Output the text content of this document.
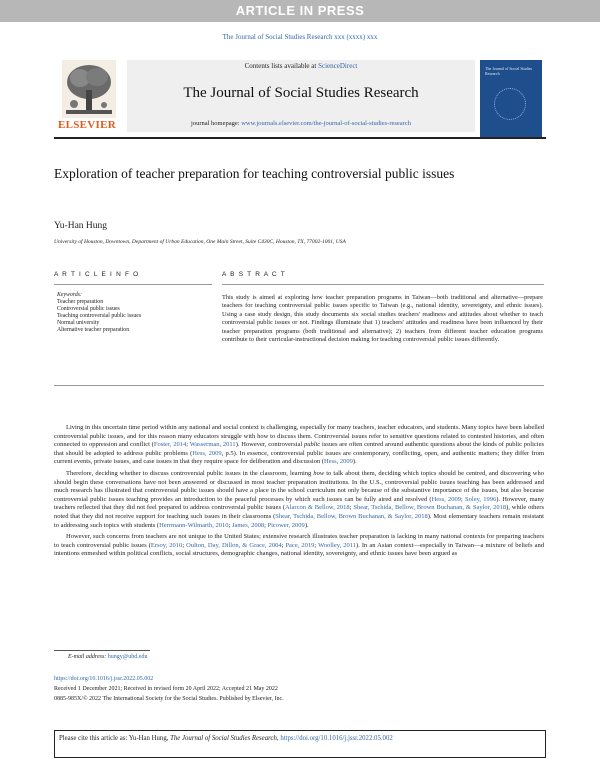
ARTICLE IN PRESS
The Journal of Social Studies Research xxx (xxxx) xxx
ELSEVIER
Contents lists available at ScienceDirect
The Journal of Social Studies Research
journal homepage: www.journals.elsevier.com/the-journal-of-social-studies-research
The Journal of Social Studies Research
Exploration of teacher preparation for teaching controversial public issues
Yu-Han Hung
University of Houston, Downtown, Department of Urban Education, One Main Street, Suite C430C, Houston, TX, 77002-1001, USA
A R T I C L E I N F O	A B S T R A C T
Keywords:
Teacher preparation
Controversial public issues
Teaching controversial public issues
Normal university
Alternative teacher preparation
This study is aimed at exploring how teacher preparation programs in Taiwan—both traditional and alternative—prepare teachers for teaching controversial public issues specific to Taiwan (e.g., national identity, sovereignty, and ethnic issues). Using a case study design, this study documents six social studies teachers' readiness and attitudes about whether to teach controversial public issues or not. Findings illuminate that 1) teachers' attitudes and readiness have been influenced by their teacher preparation programs (both traditional and alternative); 2) teachers from different teacher education programs contribute to their curricular-instructional decision making for teaching controversial public issues differently.

Living in this uncertain time period within any national and social context is challenging, especially for many teachers, teacher educators, and students. Many topics have been labelled controversial public issues, and for this reason many educators struggle with how to discuss them. Controversial issues refer to sensitive questions related to contested histories, and often connected to oppression and conflict (Foster, 2014; Wasserman, 2011). However, controversial public issues are often centred around authentic questions about the kinds of public policies that should be adopted to address public problems (Hess, 2009, p.5). In essence, controversial public issues are contemporary, conflicting, open, and authentic matters; they differ from current events, private issues, and case issues in that they require space for deliberation and discussion (Hess, 2009).

Therefore, deciding whether to discuss controversial public issues in the classroom, learning how to talk about them, deciding which topics should be centred, and discovering who should begin these conversations have not been answered or discussed in most teacher preparation institutions. In the U.S., controversial public issues teaching has been addressed and much research has illustrated that controversial public issues should have a place in the school curriculum not only because of the substantive importance of the issues, but also because controversial public issues teaching provides an introduction to the peaceful processes by which such issues can be fully aired and resolved (Hess, 2009; Soley, 1996). However, many teachers reflected that they did not feel prepared to address controversial public issues (Alarcon & Bellow, 2018; Shear, Tschida, Bellow, Brown Buchanan, & Saylor, 2018), while others noted that they did not receive support for teaching such issues in their classrooms (Shear, Tschida, Bellow, Brown Buchanan, & Saylor, 2018). Most elementary teachers remain resistant to addressing such topics with students (Herrmann-Wilmarth, 2010; James, 2008; Picower, 2009).

However, such concerns from teachers are not unique to the United States; extensive research illustrates teacher preparation is lacking in many national contexts for preparing teachers to teach controversial public issues (Ersoy, 2010; Oulton, Day, Dillon, & Grace, 2004; Pace, 2019; Woolley, 2011). In an Asian context—especially in Taiwan—a mixture of beliefs and intentions enmeshed within political conflicts, social structures, demographic changes, national identity, sovereignty, and ethnic issues have been argued as

E-mail address: hungy@uhd.edu
https://doi.org/10.1016/j.jssr.2022.05.002
Received 1 December 2021; Received in revised form 20 April 2022; Accepted 21 May 2022
0885-985X/© 2022 The International Society for the Social Studies. Published by Elsevier, Inc.
Please cite this article as: Yu-Han Hung, The Journal of Social Studies Research, https://doi.org/10.1016/j.jssr.2022.05.002
